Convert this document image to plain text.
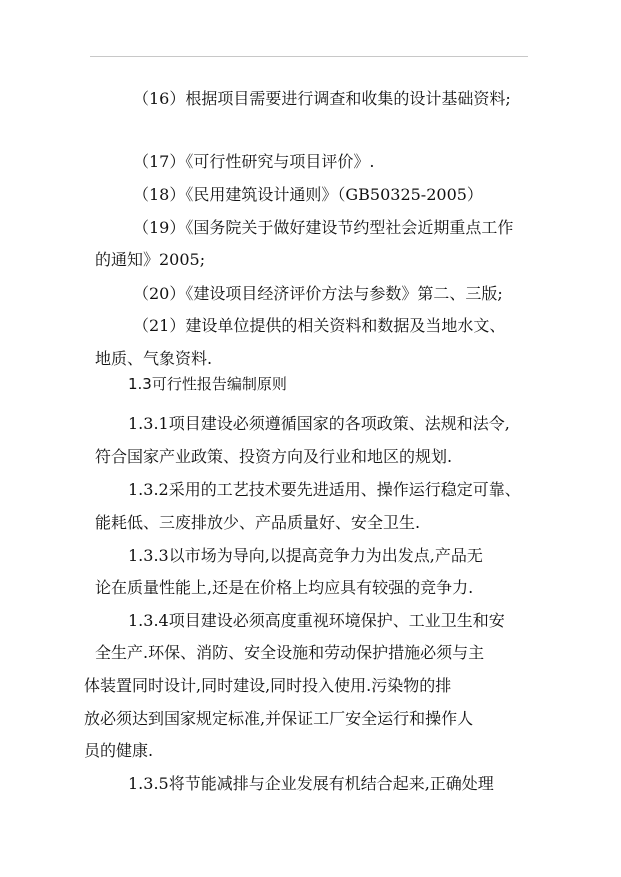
（16）根据项目需要进行调查和收集的设计基础资料;
（17）《可行性研究与项目评价》.
（18）《民用建筑设计通则》（GB50325-2005）
（19）《国务院关于做好建设节约型社会近期重点工作
的通知》2005;
（20）《建设项目经济评价方法与参数》第二、三版;
（21）建设单位提供的相关资料和数据及当地水文、
地质、气象资料.
1.3可行性报告编制原则
1.3.1项目建设必须遵循国家的各项政策、法规和法令,
符合国家产业政策、投资方向及行业和地区的规划.
1.3.2采用的工艺技术要先进适用、操作运行稳定可靠、
能耗低、三废排放少、产品质量好、安全卫生.
1.3.3以市场为导向,以提高竞争力为出发点,产品无
论在质量性能上,还是在价格上均应具有较强的竞争力.
1.3.4项目建设必须高度重视环境保护、工业卫生和安
全生产.环保、消防、安全设施和劳动保护措施必须与主
体装置同时设计,同时建设,同时投入使用.污染物的排
放必须达到国家规定标准,并保证工厂安全运行和操作人
员的健康.
1.3.5将节能减排与企业发展有机结合起来,正确处理
